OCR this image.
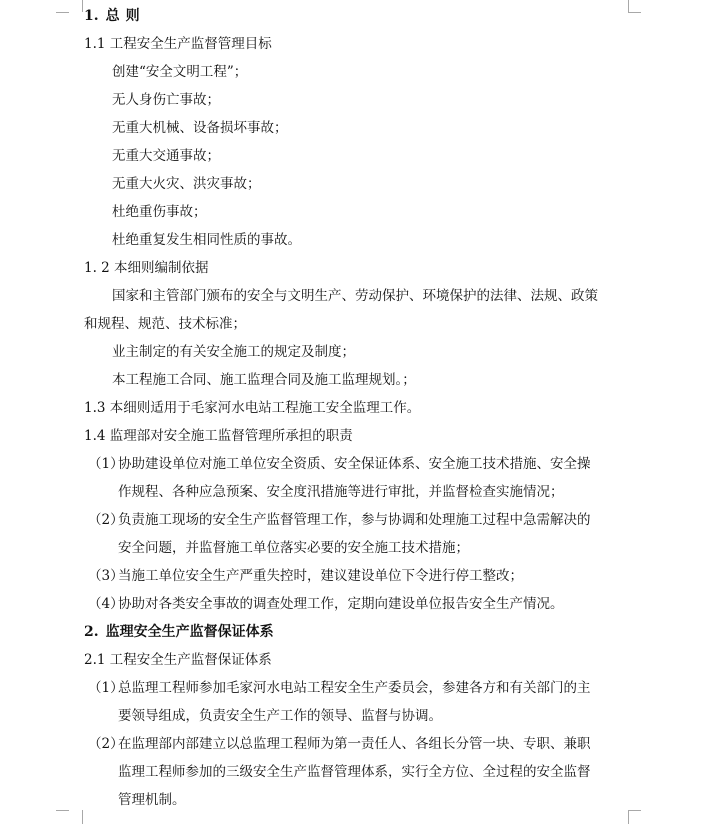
1. 总 则
1.1 工程安全生产监督管理目标
创建“安全文明工程”；
无人身伤亡事故；
无重大机械、设备损坏事故；
无重大交通事故；
无重大火灾、洪灾事故；
杜绝重伤事故；
杜绝重复发生相同性质的事故。
1. 2 本细则编制依据
国家和主管部门颁布的安全与文明生产、劳动保护、环境保护的法律、法规、政策
和规程、规范、技术标准；
业主制定的有关安全施工的规定及制度；
本工程施工合同、施工监理合同及施工监理规划。；
1.3 本细则适用于毛家河水电站工程施工安全监理工作。
1.4 监理部对安全施工监督管理所承担的职责
（1）
协助建设单位对施工单位安全资质、安全保证体系、安全施工技术措施、安全操
作规程、各种应急预案、安全度汛措施等进行审批，并监督检查实施情况；
（2）
负责施工现场的安全生产监督管理工作，参与协调和处理施工过程中急需解决的
安全问题，并监督施工单位落实必要的安全施工技术措施；
（3）
当施工单位安全生产严重失控时，建议建设单位下令进行停工整改；
（4）
协助对各类安全事故的调查处理工作，定期向建设单位报告安全生产情况。
2. 监理安全生产监督保证体系
2.1 工程安全生产监督保证体系
（1）
总监理工程师参加毛家河水电站工程安全生产委员会，参建各方和有关部门的主
要领导组成，负责安全生产工作的领导、监督与协调。
（2）
在监理部内部建立以总监理工程师为第一责任人、各组长分管一块、专职、兼职
监理工程师参加的三级安全生产监督管理体系，实行全方位、全过程的安全监督
管理机制。
